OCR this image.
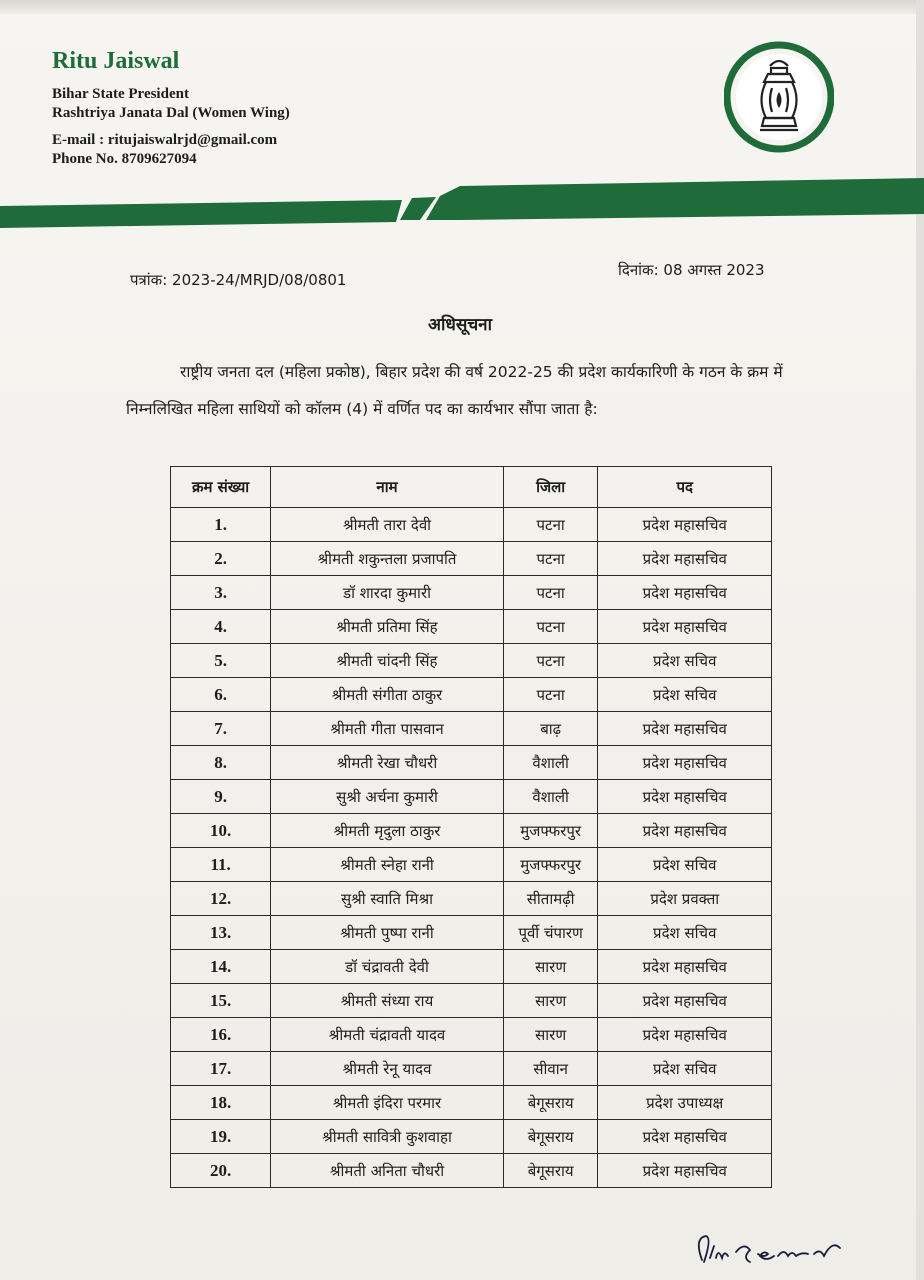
Ritu Jaiswal

Bihar State President

Rashtriya Janata Dal (Women Wing)

E-mail : ritujaiswalrjd@gmail.com

Phone No. 8709627094

पत्रांक: 2023-24/MRJD/08/0801
दिनांक: 08 अगस्त 2023
अधिसूचना
राष्ट्रीय जनता दल (महिला प्रकोष्ठ), बिहार प्रदेश की वर्ष 2022-25 की प्रदेश कार्यकारिणी के गठन के क्रम में निम्नलिखित महिला साथियों को कॉलम (4) में वर्णित पद का कार्यभार सौंपा जाता है:
क्रम संख्या	नाम	जिला	पद
1.	श्रीमती तारा देवी	पटना	प्रदेश महासचिव
2.	श्रीमती शकुन्तला प्रजापति	पटना	प्रदेश महासचिव
3.	डॉ शारदा कुमारी	पटना	प्रदेश महासचिव
4.	श्रीमती प्रतिमा सिंह	पटना	प्रदेश महासचिव
5.	श्रीमती चांदनी सिंह	पटना	प्रदेश सचिव
6.	श्रीमती संगीता ठाकुर	पटना	प्रदेश सचिव
7.	श्रीमती गीता पासवान	बाढ़	प्रदेश महासचिव
8.	श्रीमती रेखा चौधरी	वैशाली	प्रदेश महासचिव
9.	सुश्री अर्चना कुमारी	वैशाली	प्रदेश महासचिव
10.	श्रीमती मृदुला ठाकुर	मुजफ्फरपुर	प्रदेश महासचिव
11.	श्रीमती स्नेहा रानी	मुजफ्फरपुर	प्रदेश सचिव
12.	सुश्री स्वाति मिश्रा	सीतामढ़ी	प्रदेश प्रवक्ता
13.	श्रीमती पुष्पा रानी	पूर्वी चंपारण	प्रदेश सचिव
14.	डॉ चंद्रावती देवी	सारण	प्रदेश महासचिव
15.	श्रीमती संध्या राय	सारण	प्रदेश महासचिव
16.	श्रीमती चंद्रावती यादव	सारण	प्रदेश महासचिव
17.	श्रीमती रेनू यादव	सीवान	प्रदेश सचिव
18.	श्रीमती इंदिरा परमार	बेगूसराय	प्रदेश उपाध्यक्ष
19.	श्रीमती सावित्री कुशवाहा	बेगूसराय	प्रदेश महासचिव
20.	श्रीमती अनिता चौधरी	बेगूसराय	प्रदेश महासचिव
